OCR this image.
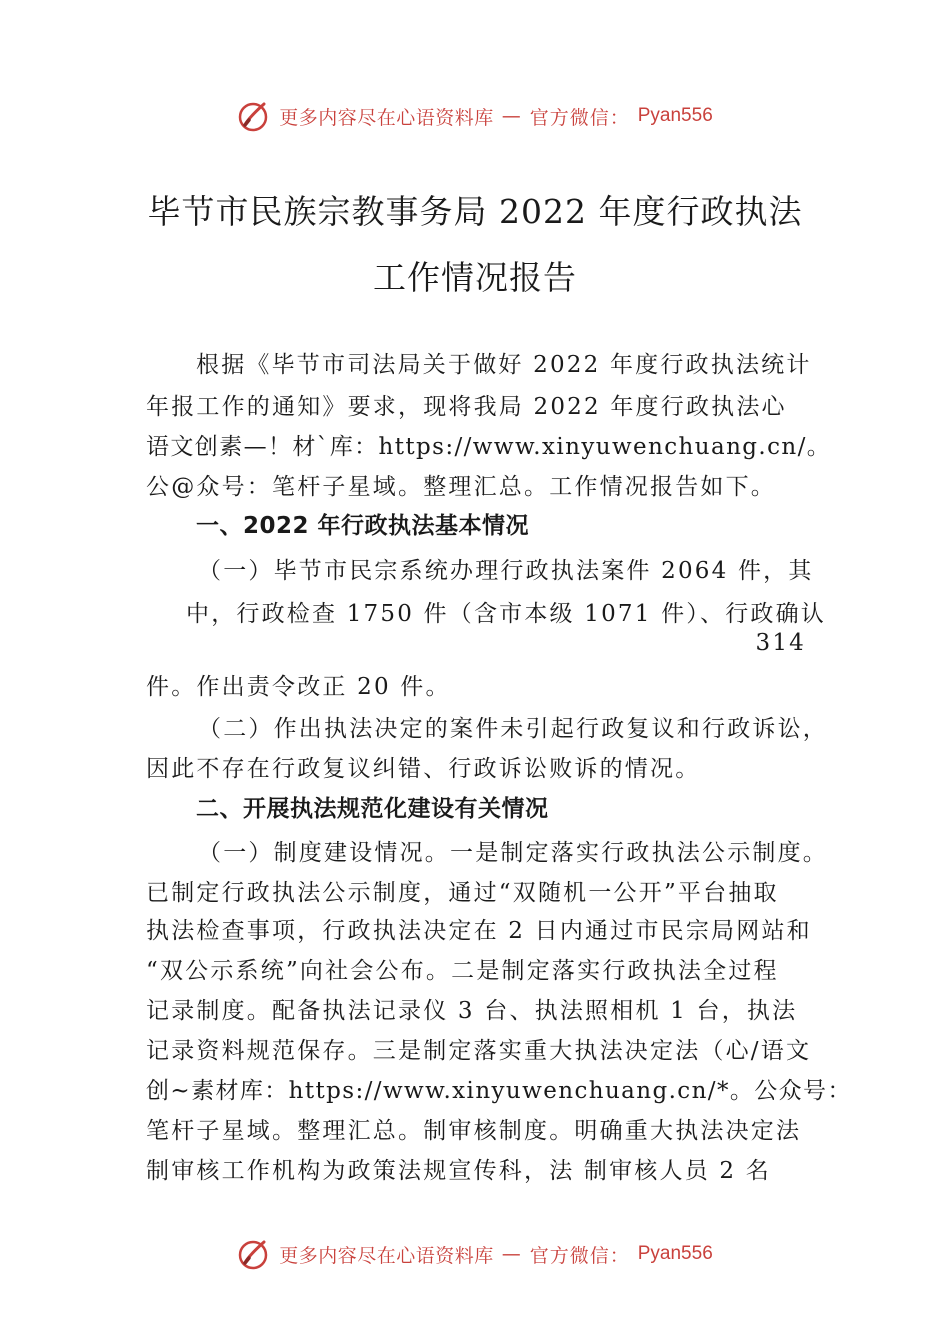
更多内容尽在心语资料库 — 官方微信： Pyan556
毕节市民族宗教事务局 2022 年度行政执法
工作情况报告
根据《毕节市司法局关于做好 2022 年度行政执法统计
年报工作的通知》要求，现将我局 2022 年度行政执法心
语文创素—！材`库：https://www.xinyuwenchuang.cn/。
公@众号：笔杆子星域。整理汇总。工作情况报告如下。
一、2022 年行政执法基本情况
（一）毕节市民宗系统办理行政执法案件 2064 件，其
中，行政检查 1750 件（含市本级 1071 件）、行政确认
314
件。作出责令改正 20 件。
（二）作出执法决定的案件未引起行政复议和行政诉讼，
因此不存在行政复议纠错、行政诉讼败诉的情况。
二、开展执法规范化建设有关情况
（一）制度建设情况。一是制定落实行政执法公示制度。
已制定行政执法公示制度，通过“双随机一公开”平台抽取
执法检查事项，行政执法决定在 2 日内通过市民宗局网站和
“双公示系统”向社会公布。二是制定落实行政执法全过程
记录制度。配备执法记录仪 3 台、执法照相机 1 台，执法
记录资料规范保存。三是制定落实重大执法决定法（心/语文
创~素材库：https://www.xinyuwenchuang.cn/*。公众号：
笔杆子星域。整理汇总。制审核制度。明确重大执法决定法
制审核工作机构为政策法规宣传科，法 制审核人员 2 名
更多内容尽在心语资料库 — 官方微信： Pyan556
